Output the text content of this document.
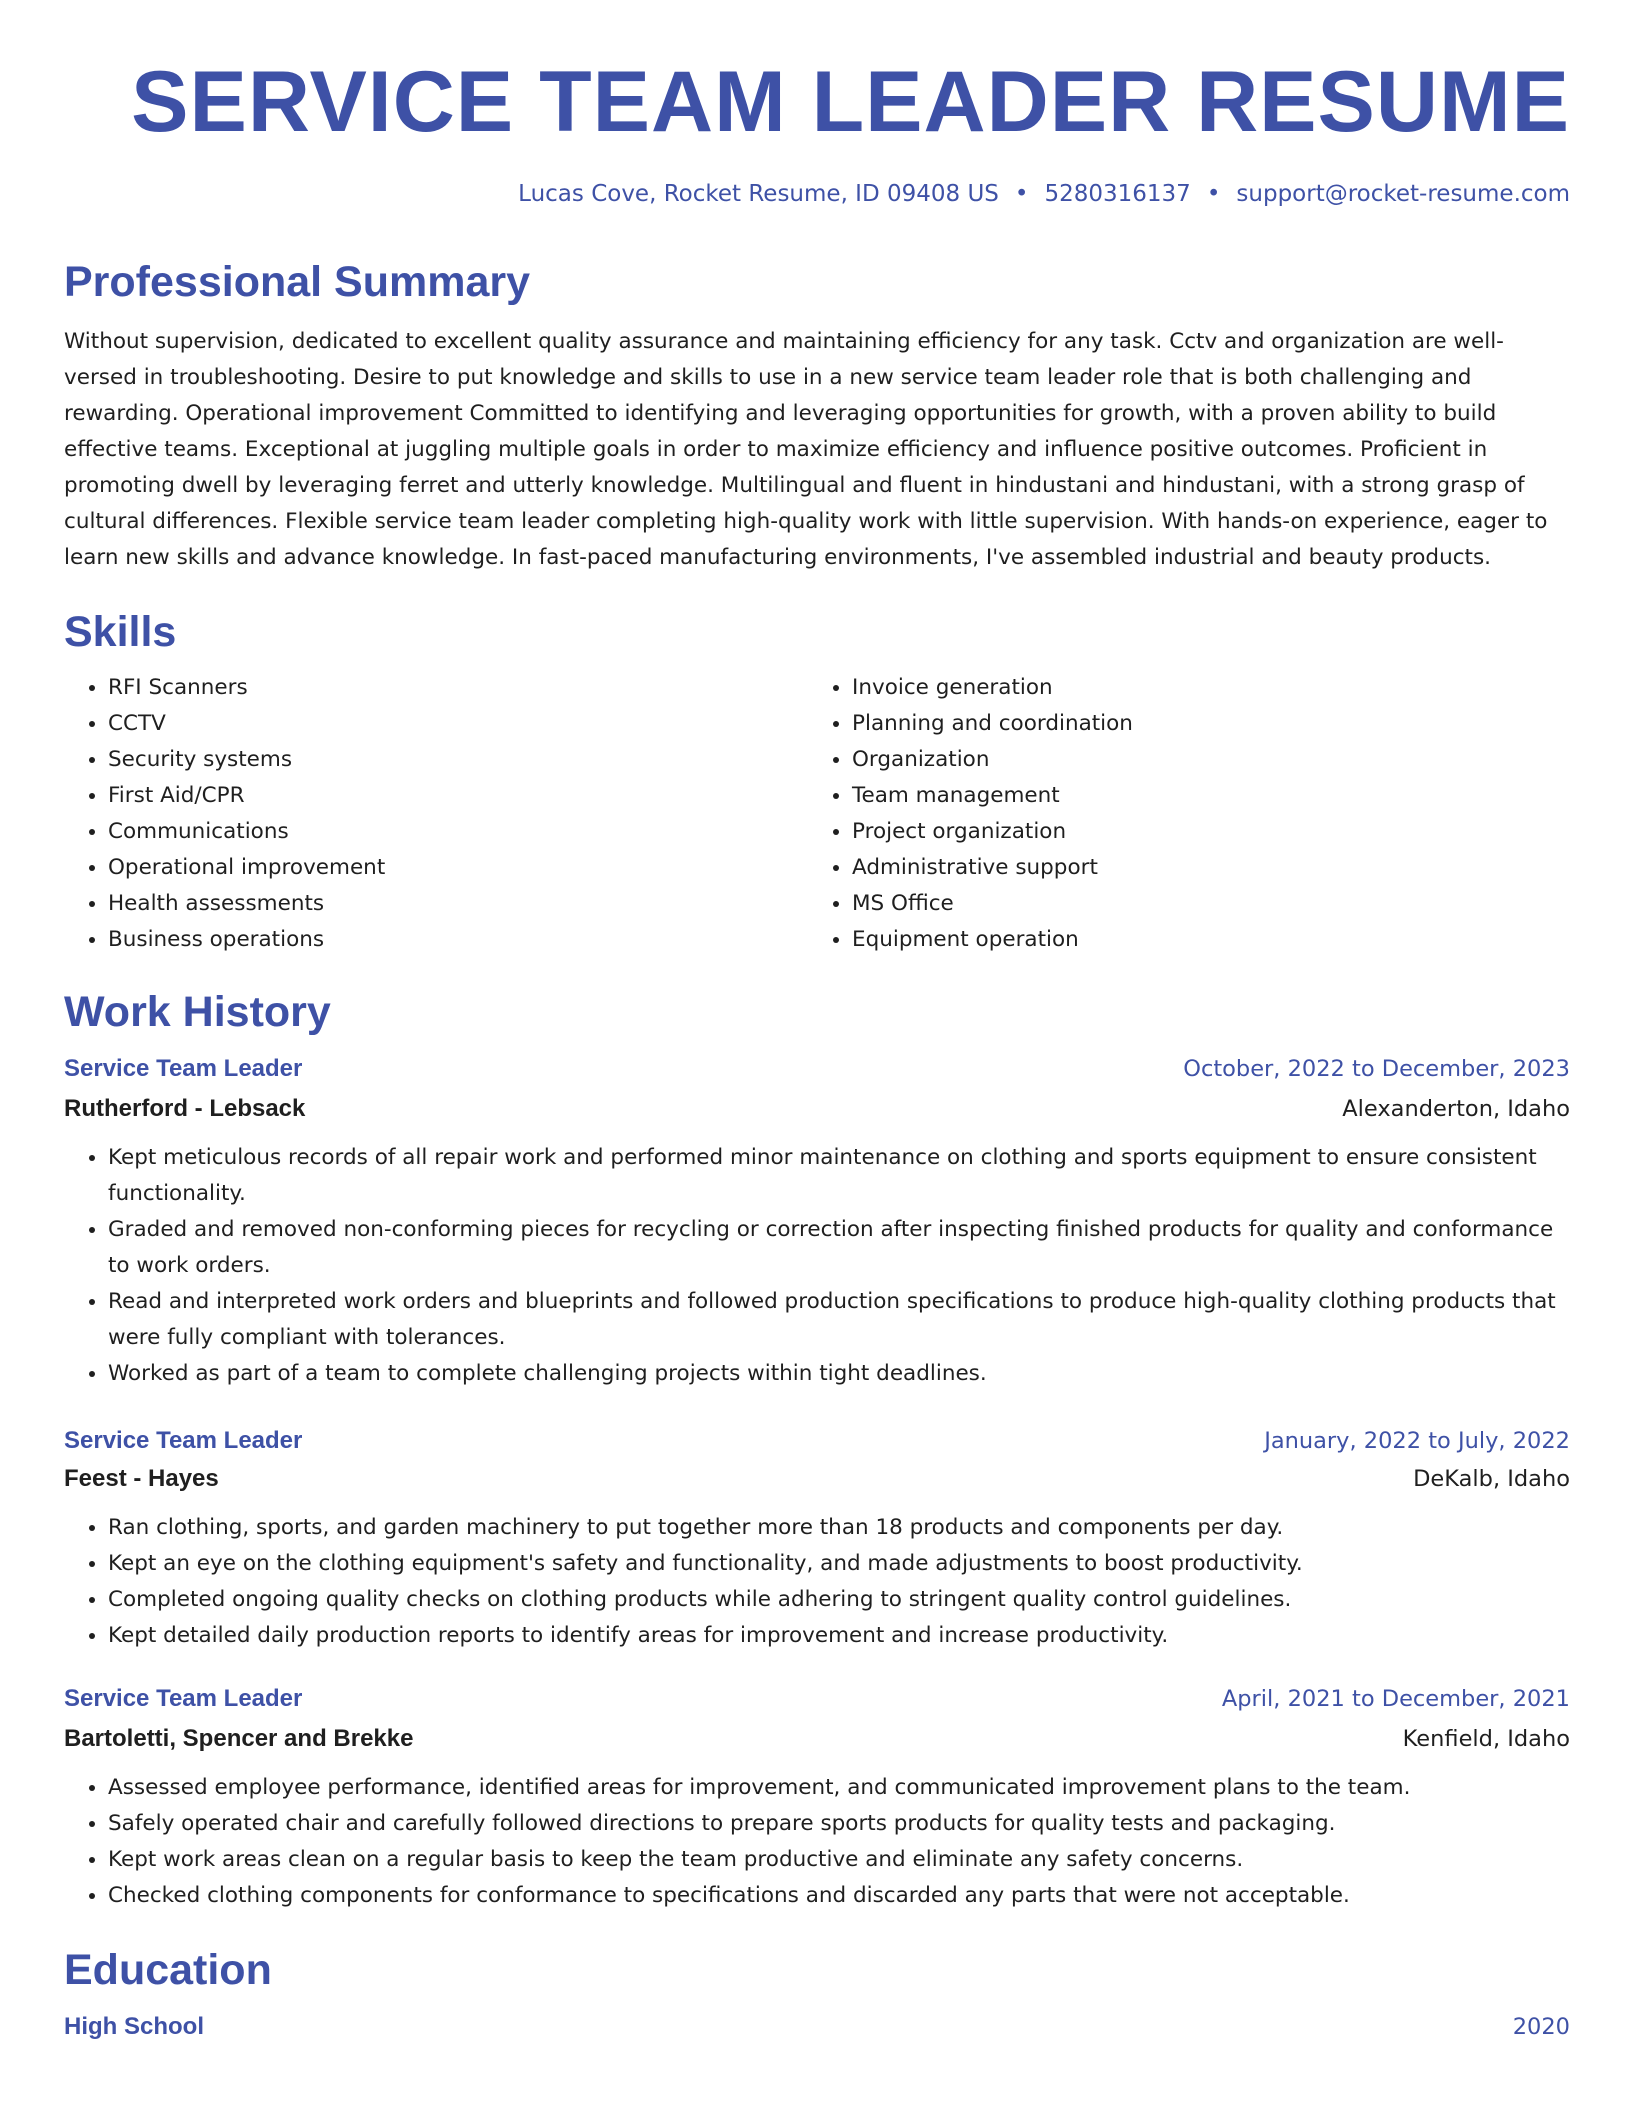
SERVICE TEAM LEADER RESUME
Lucas Cove, Rocket Resume, ID 09408 US • 5280316137 • support@rocket-resume.com
Professional Summary
Without supervision, dedicated to excellent quality assurance and maintaining efficiency for any task. Cctv and organization are well-versed in troubleshooting. Desire to put knowledge and skills to use in a new service team leader role that is both challenging and rewarding. Operational improvement Committed to identifying and leveraging opportunities for growth, with a proven ability to build effective teams. Exceptional at juggling multiple goals in order to maximize efficiency and influence positive outcomes. Proficient in promoting dwell by leveraging ferret and utterly knowledge. Multilingual and fluent in hindustani and hindustani, with a strong grasp of cultural differences. Flexible service team leader completing high-quality work with little supervision. With hands-on experience, eager to learn new skills and advance knowledge. In fast-paced manufacturing environments, I've assembled industrial and beauty products.
Skills
• RFI Scanners
• CCTV
• Security systems
• First Aid/CPR
• Communications
• Operational improvement
• Health assessments
• Business operations
• Invoice generation
• Planning and coordination
• Organization
• Team management
• Project organization
• Administrative support
• MS Office
• Equipment operation
Work History
Service Team Leader	October, 2022 to December, 2023
Rutherford - Lebsack	Alexanderton, Idaho
• Kept meticulous records of all repair work and performed minor maintenance on clothing and sports equipment to ensure consistent functionality.
• Graded and removed non-conforming pieces for recycling or correction after inspecting finished products for quality and conformance to work orders.
• Read and interpreted work orders and blueprints and followed production specifications to produce high-quality clothing products that were fully compliant with tolerances.
• Worked as part of a team to complete challenging projects within tight deadlines.
Service Team Leader	January, 2022 to July, 2022
Feest - Hayes	DeKalb, Idaho
• Ran clothing, sports, and garden machinery to put together more than 18 products and components per day.
• Kept an eye on the clothing equipment's safety and functionality, and made adjustments to boost productivity.
• Completed ongoing quality checks on clothing products while adhering to stringent quality control guidelines.
• Kept detailed daily production reports to identify areas for improvement and increase productivity.
Service Team Leader	April, 2021 to December, 2021
Bartoletti, Spencer and Brekke	Kenfield, Idaho
• Assessed employee performance, identified areas for improvement, and communicated improvement plans to the team.
• Safely operated chair and carefully followed directions to prepare sports products for quality tests and packaging.
• Kept work areas clean on a regular basis to keep the team productive and eliminate any safety concerns.
• Checked clothing components for conformance to specifications and discarded any parts that were not acceptable.
Education
High School	2020
